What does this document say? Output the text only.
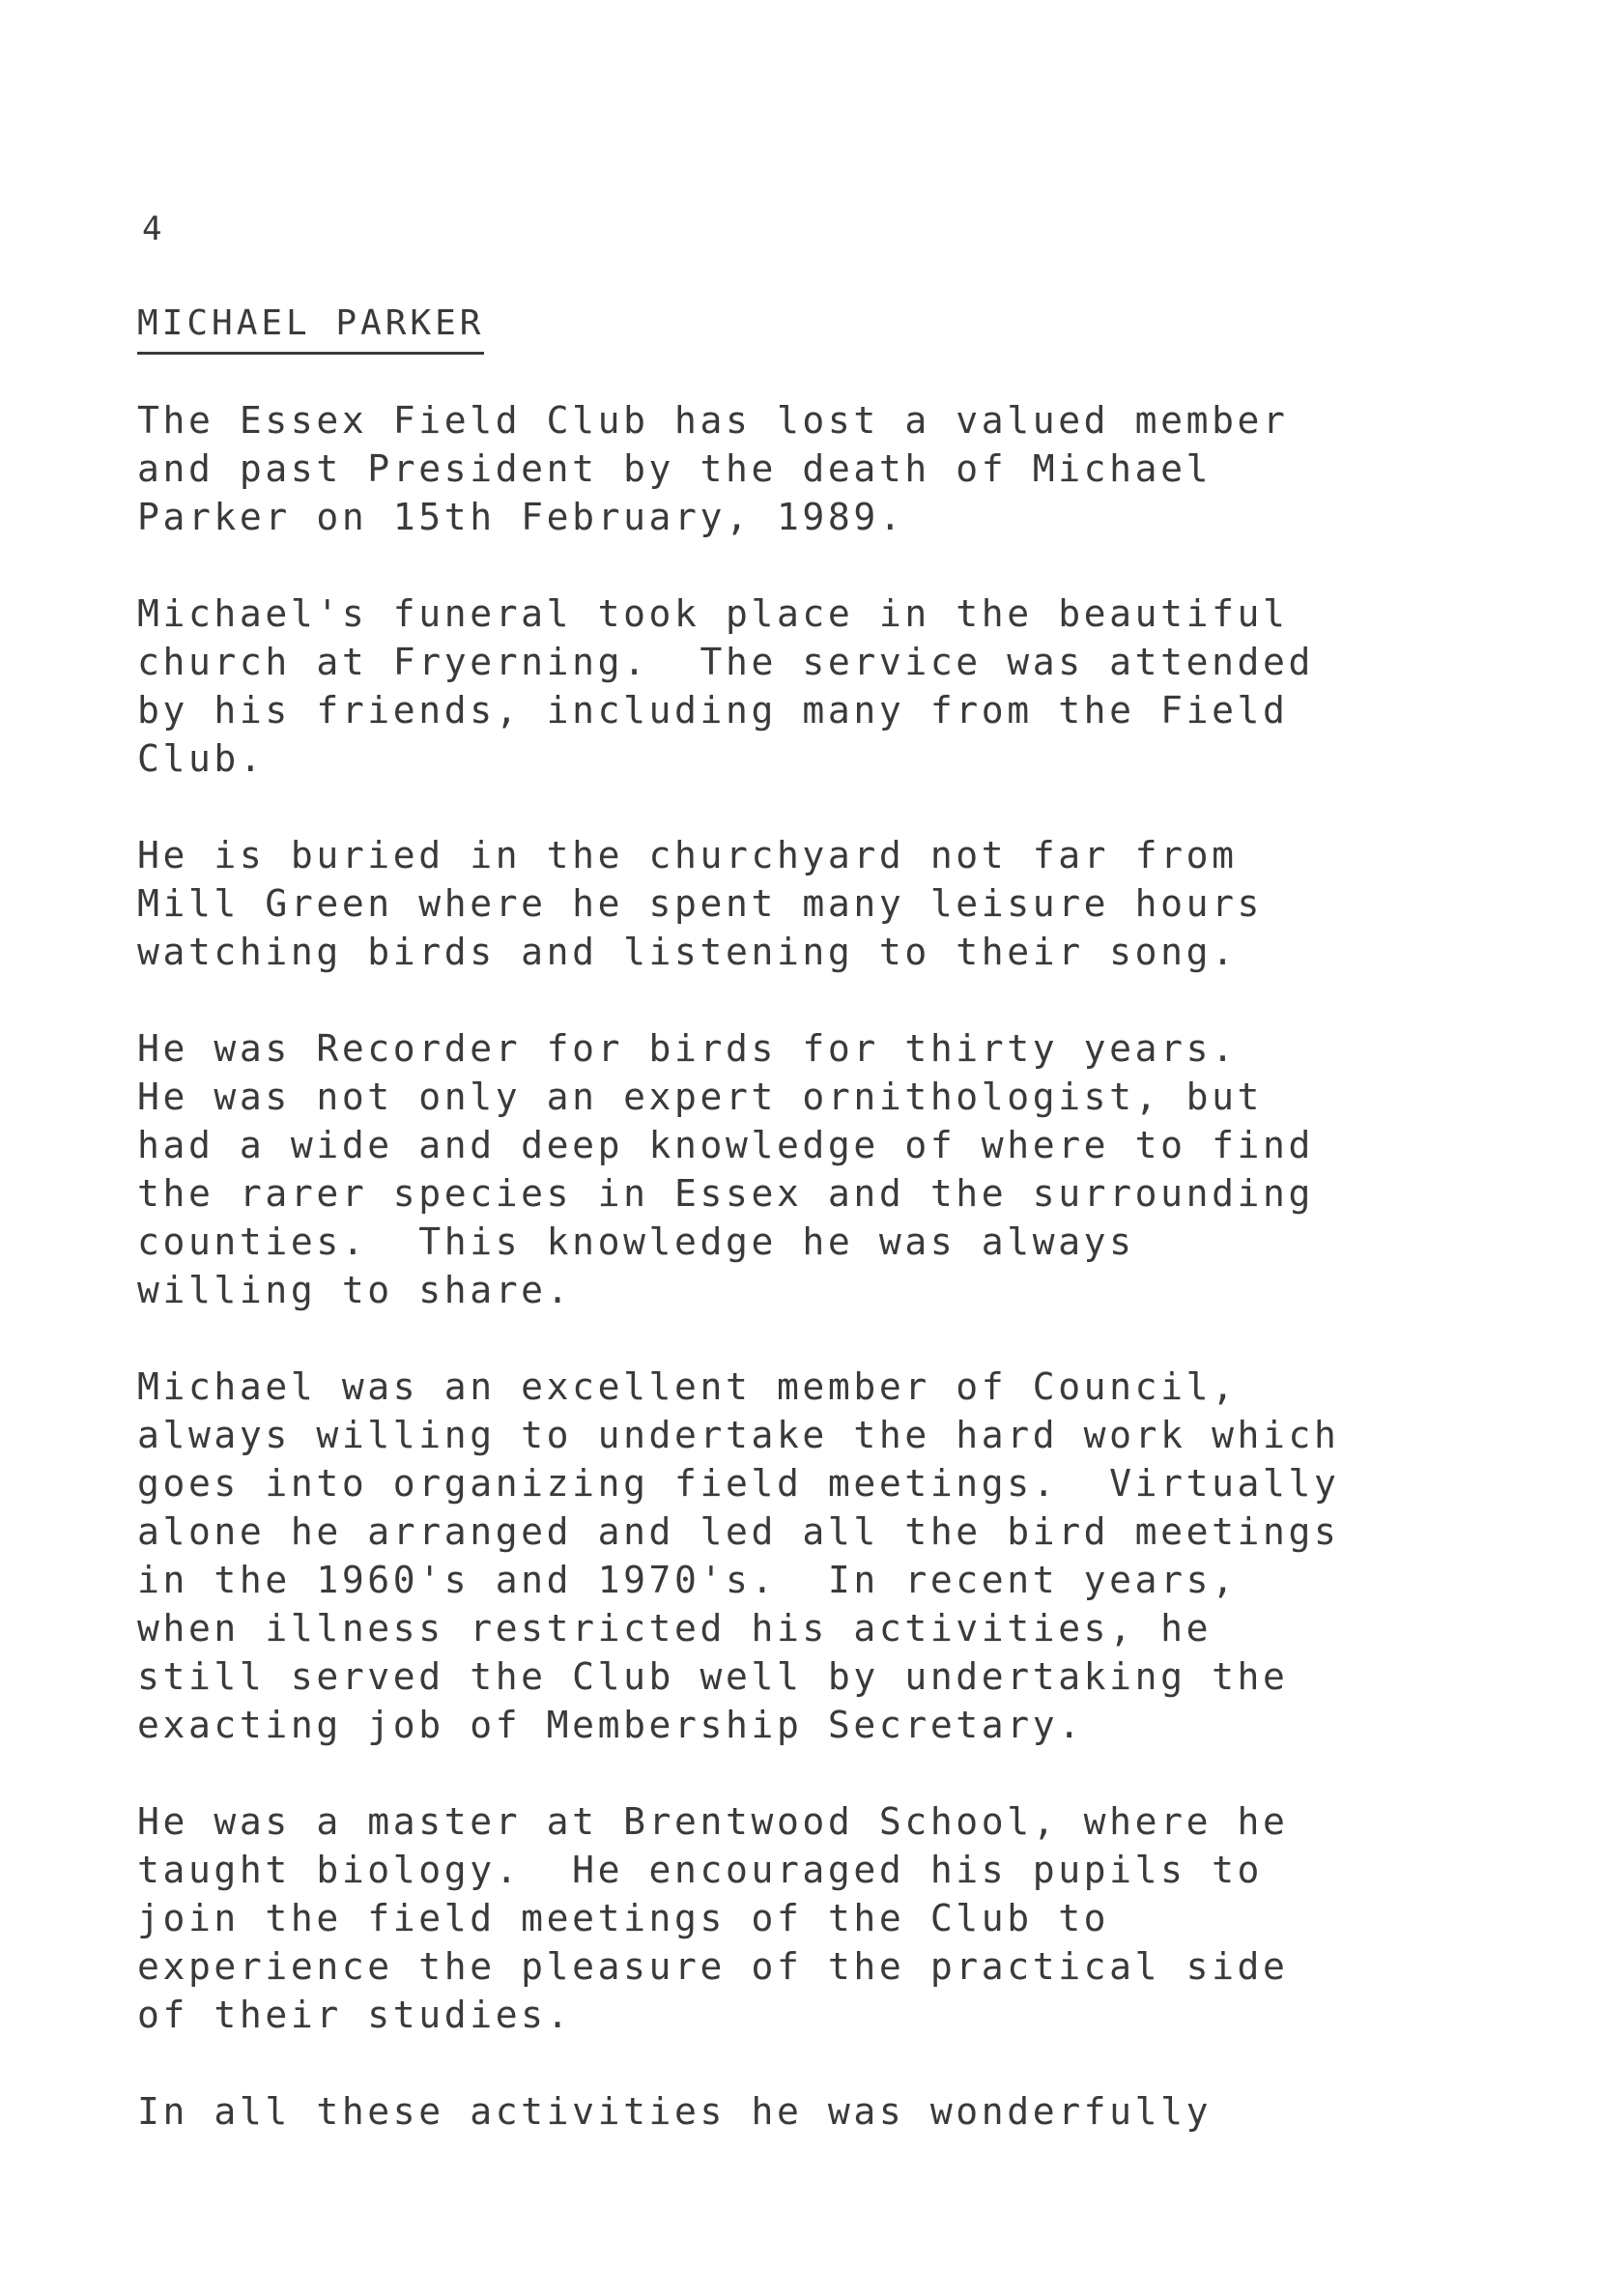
4
MICHAEL PARKER

The Essex Field Club has lost a valued member
and past President by the death of Michael
Parker on 15th February, 1989.

Michael's funeral took place in the beautiful
church at Fryerning.  The service was attended
by his friends, including many from the Field
Club.

He is buried in the churchyard not far from
Mill Green where he spent many leisure hours
watching birds and listening to their song.

He was Recorder for birds for thirty years.
He was not only an expert ornithologist, but
had a wide and deep knowledge of where to find
the rarer species in Essex and the surrounding
counties.  This knowledge he was always
willing to share.

Michael was an excellent member of Council,
always willing to undertake the hard work which
goes into organizing field meetings.  Virtually
alone he arranged and led all the bird meetings
in the 1960's and 1970's.  In recent years,
when illness restricted his activities, he
still served the Club well by undertaking the
exacting job of Membership Secretary.

He was a master at Brentwood School, where he
taught biology.  He encouraged his pupils to
join the field meetings of the Club to
experience the pleasure of the practical side
of their studies.

In all these activities he was wonderfully
